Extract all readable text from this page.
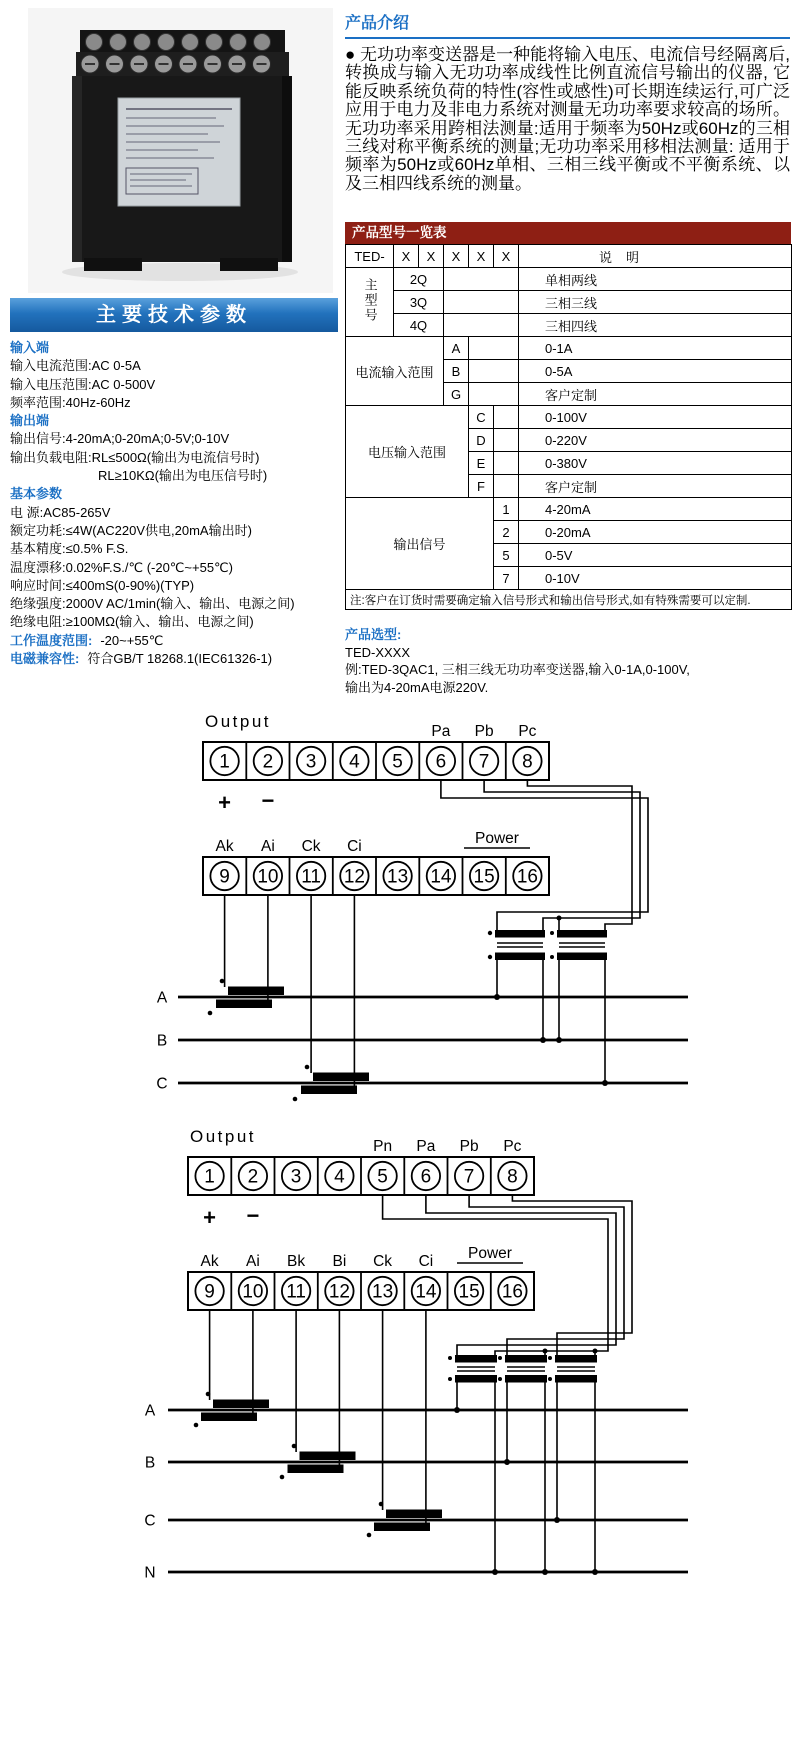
产品介绍
● 无功功率变送器是一种能将输入电压、电流信号经隔离后,转换成与输入无功功率成线性比例直流信号输出的仪器, 它能反映系统负荷的特性(容性或感性)可长期连续运行,可广泛应用于电力及非电力系统对测量无功功率要求较高的场所。 无功功率采用跨相法测量:适用于频率为50Hz或60Hz的三相三线对称平衡系统的测量;无功功率采用移相法测量: 适用于频率为50Hz或60Hz单相、三相三线平衡或不平衡系统、以及三相四线系统的测量。
产品型号一览表
TED-	X	X	X	X	X	说明
主型号	2Q					单相两线
	3Q					三相三线
	4Q					三相四线
电流输入范围			A			0-1A
			B			0-5A
			G			客户定制
电压输入范围				C		0-100V
				D		0-220V
				E		0-380V
				F		客户定制
输出信号					1	4-20mA
					2	0-20mA
					5	0-5V
					7	0-10V
注:客户在订货时需要确定输入信号形式和输出信号形式,如有特殊需要可以定制.						
主要技术参数
输入端
输入电流范围:AC 0-5A
输入电压范围:AC 0-500V
频率范围:40Hz-60Hz
输出端
输出信号:4-20mA;0-20mA;0-5V;0-10V
输出负载电阻:RL≤500Ω(输出为电流信号时)
RL≥10KΩ(输出为电压信号时)
基本参数
电 源:AC85-265V
额定功耗:≤4W(AC220V供电,20mA输出时)
基本精度:≤0.5% F.S.
温度漂移:0.02%F.S./℃ (-20℃~+55℃)
响应时间:≤400mS(0-90%)(TYP)
绝缘强度:2000V AC/1min(输入、输出、电源之间)
绝缘电阻:≥100MΩ(输入、输出、电源之间)
工作温度范围: -20~+55℃
电磁兼容性: 符合GB/T 18268.1(IEC61326-1)
产品选型:
TED-XXXX
例:TED-3QAC1, 三相三线无功功率变送器,输入0-1A,0-100V,
输出为4-20mA电源220V.
Output
Pa Pb Pc
1 2 3 4 5 6 7 8
+ −
Ak Ai Ck Ci	Power
9 10 11 12 13 14 15 16
A
B
C
Output
Pn Pa Pb Pc
1 2 3 4 5 6 7 8
+ −
Ak Ai Bk Bi Ck Ci Power
9 10 11 12 13 14 15 16
A
B
C
N
